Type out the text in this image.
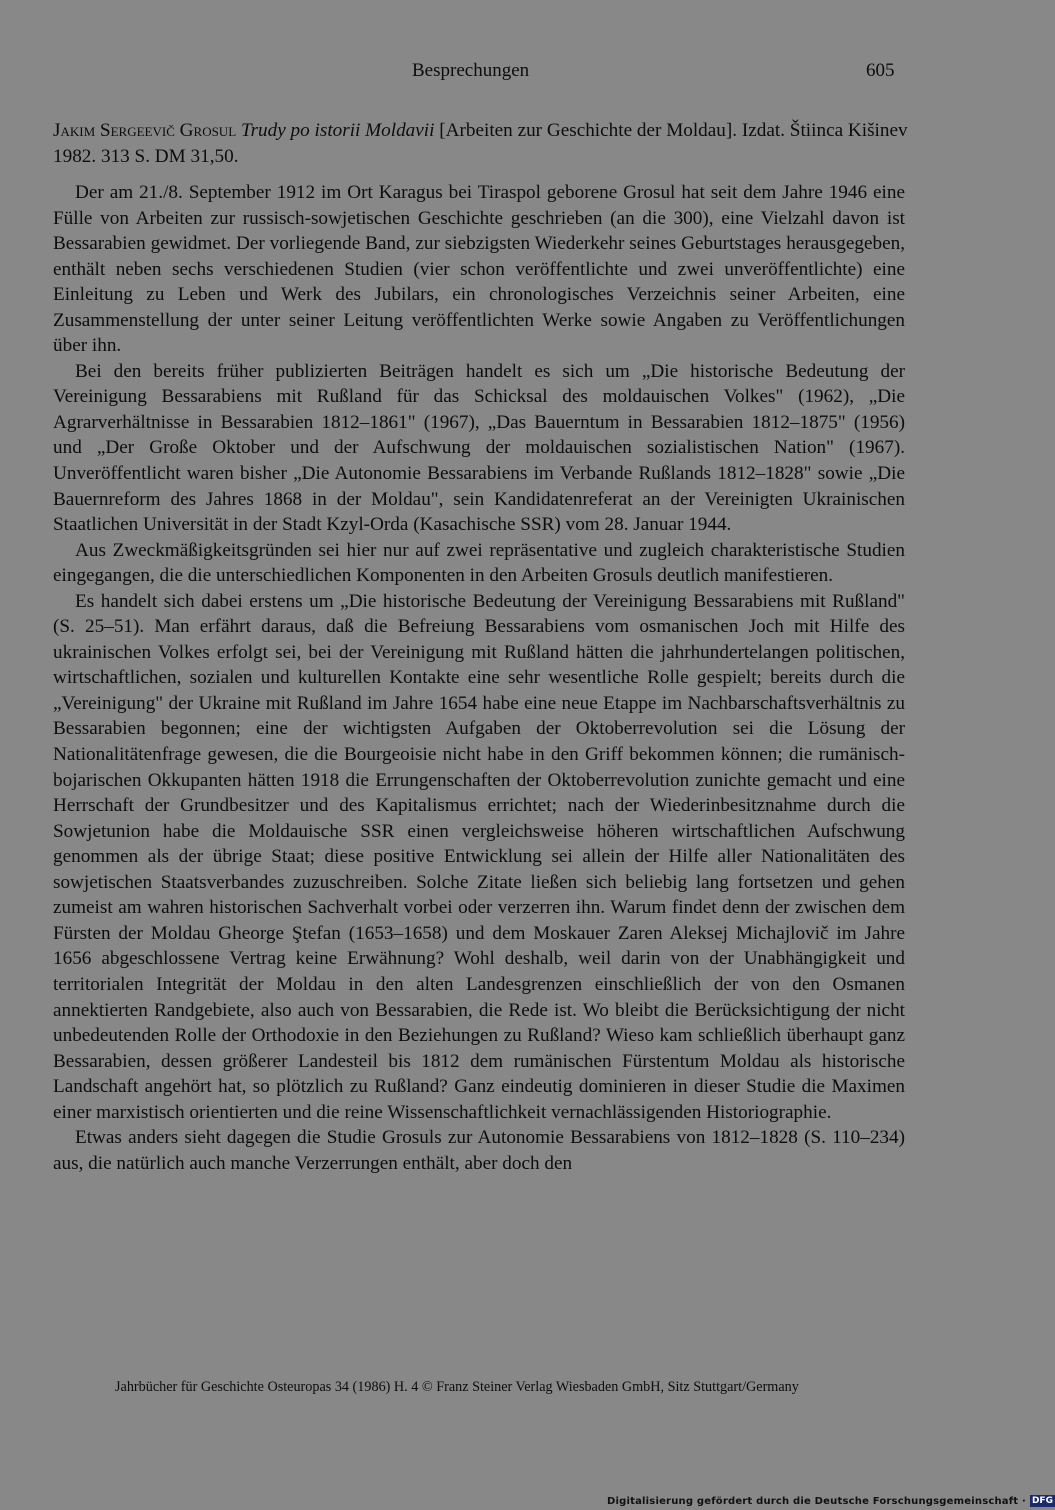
Besprechungen	605
Jakim Sergeevič Grosul Trudy po istorii Moldavii [Arbeiten zur Geschichte der Moldau]. Izdat. Štiinca Kišinev 1982. 313 S. DM 31,50.

Der am 21./8. September 1912 im Ort Karagus bei Tiraspol geborene Grosul hat seit dem Jahre 1946 eine Fülle von Arbeiten zur russisch-sowjetischen Geschichte geschrieben (an die 300), eine Vielzahl davon ist Bessarabien gewidmet. Der vorliegende Band, zur siebzigsten Wiederkehr seines Geburtstages herausgegeben, enthält neben sechs verschiedenen Studien (vier schon veröffentlichte und zwei unveröffentlichte) eine Einleitung zu Leben und Werk des Jubilars, ein chronologisches Verzeichnis seiner Arbeiten, eine Zusammenstellung der unter seiner Leitung veröffentlichten Werke sowie Angaben zu Veröffentlichungen über ihn.

Bei den bereits früher publizierten Beiträgen handelt es sich um „Die historische Bedeutung der Vereinigung Bessarabiens mit Rußland für das Schicksal des moldauischen Volkes" (1962), „Die Agrarverhältnisse in Bessarabien 1812–1861" (1967), „Das Bauerntum in Bessarabien 1812–1875" (1956) und „Der Große Oktober und der Aufschwung der moldauischen sozialistischen Nation" (1967). Unveröffentlicht waren bisher „Die Autonomie Bessarabiens im Verbande Rußlands 1812–1828" sowie „Die Bauernreform des Jahres 1868 in der Moldau", sein Kandidatenreferat an der Vereinigten Ukrainischen Staatlichen Universität in der Stadt Kzyl-Orda (Kasachische SSR) vom 28. Januar 1944.

Aus Zweckmäßigkeitsgründen sei hier nur auf zwei repräsentative und zugleich charakteristische Studien eingegangen, die die unterschiedlichen Komponenten in den Arbeiten Grosuls deutlich manifestieren.

Es handelt sich dabei erstens um „Die historische Bedeutung der Vereinigung Bessarabiens mit Rußland" (S. 25–51). Man erfährt daraus, daß die Befreiung Bessarabiens vom osmanischen Joch mit Hilfe des ukrainischen Volkes erfolgt sei, bei der Vereinigung mit Rußland hätten die jahrhundertelangen politischen, wirtschaftlichen, sozialen und kulturellen Kontakte eine sehr wesentliche Rolle gespielt; bereits durch die „Vereinigung" der Ukraine mit Rußland im Jahre 1654 habe eine neue Etappe im Nachbarschaftsverhältnis zu Bessarabien begonnen; eine der wichtigsten Aufgaben der Oktoberrevolution sei die Lösung der Nationalitätenfrage gewesen, die die Bourgeoisie nicht habe in den Griff bekommen können; die rumänisch-bojarischen Okkupanten hätten 1918 die Errungenschaften der Oktoberrevolution zunichte gemacht und eine Herrschaft der Grundbesitzer und des Kapitalismus errichtet; nach der Wiederinbesitznahme durch die Sowjetunion habe die Moldauische SSR einen vergleichsweise höheren wirtschaftlichen Aufschwung genommen als der übrige Staat; diese positive Entwicklung sei allein der Hilfe aller Nationalitäten des sowjetischen Staatsverbandes zuzuschreiben. Solche Zitate ließen sich beliebig lang fortsetzen und gehen zumeist am wahren historischen Sachverhalt vorbei oder verzerren ihn. Warum findet denn der zwischen dem Fürsten der Moldau Gheorge Ştefan (1653–1658) und dem Moskauer Zaren Aleksej Michajlovič im Jahre 1656 abgeschlossene Vertrag keine Erwähnung? Wohl deshalb, weil darin von der Unabhängigkeit und territorialen Integrität der Moldau in den alten Landesgrenzen einschließlich der von den Osmanen annektierten Randgebiete, also auch von Bessarabien, die Rede ist. Wo bleibt die Berücksichtigung der nicht unbedeutenden Rolle der Orthodoxie in den Beziehungen zu Rußland? Wieso kam schließlich überhaupt ganz Bessarabien, dessen größerer Landesteil bis 1812 dem rumänischen Fürstentum Moldau als historische Landschaft angehört hat, so plötzlich zu Rußland? Ganz eindeutig dominieren in dieser Studie die Maximen einer marxistisch orientierten und die reine Wissenschaftlichkeit vernachlässigenden Historiographie.

Etwas anders sieht dagegen die Studie Grosuls zur Autonomie Bessarabiens von 1812–1828 (S. 110–234) aus, die natürlich auch manche Verzerrungen enthält, aber doch den

Jahrbücher für Geschichte Osteuropas 34 (1986) H. 4 © Franz Steiner Verlag Wiesbaden GmbH, Sitz Stuttgart/Germany
Digitalisierung gefördert durch die Deutsche Forschungsgemeinschaft · DFG
